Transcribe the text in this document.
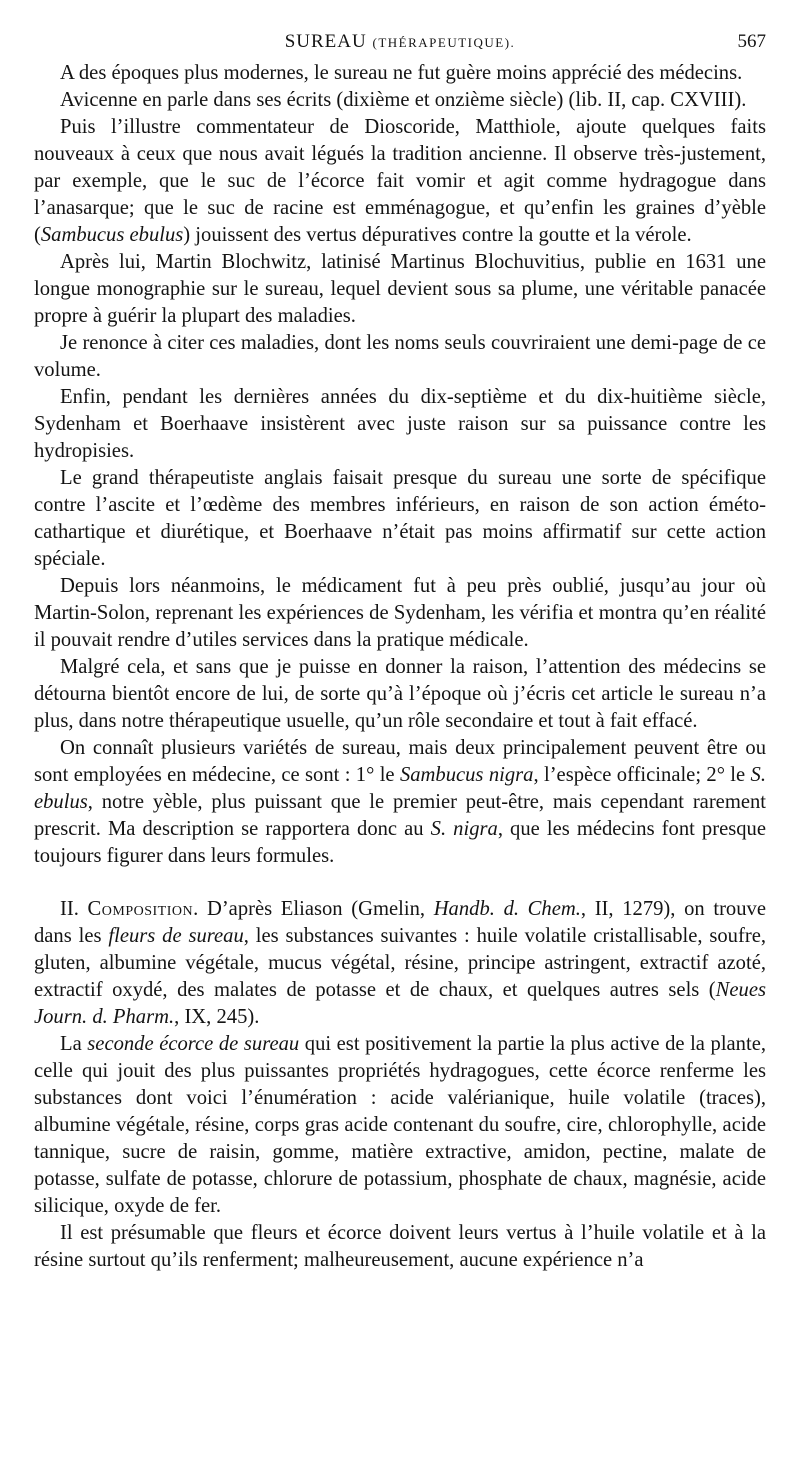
SUREAU (THÉRAPEUTIQUE).	567

A des époques plus modernes, le sureau ne fut guère moins apprécié des médecins.

Avicenne en parle dans ses écrits (dixième et onzième siècle) (lib. II, cap. CXVIII).

Puis l’illustre commentateur de Dioscoride, Matthiole, ajoute quelques faits nouveaux à ceux que nous avait légués la tradition ancienne. Il observe très-justement, par exemple, que le suc de l’écorce fait vomir et agit comme hydragogue dans l’anasarque; que le suc de racine est emménagogue, et qu’enfin les graines d’yèble (Sambucus ebulus) jouissent des vertus dépuratives contre la goutte et la vérole.

Après lui, Martin Blochwitz, latinisé Martinus Blochuvitius, publie en 1631 une longue monographie sur le sureau, lequel devient sous sa plume, une véritable panacée propre à guérir la plupart des maladies.

Je renonce à citer ces maladies, dont les noms seuls couvriraient une demi-page de ce volume.

Enfin, pendant les dernières années du dix-septième et du dix-huitième siècle, Sydenham et Boerhaave insistèrent avec juste raison sur sa puissance contre les hydropisies.

Le grand thérapeutiste anglais faisait presque du sureau une sorte de spécifique contre l’ascite et l’œdème des membres inférieurs, en raison de son action éméto-cathartique et diurétique, et Boerhaave n’était pas moins affirmatif sur cette action spéciale.

Depuis lors néanmoins, le médicament fut à peu près oublié, jusqu’au jour où Martin-Solon, reprenant les expériences de Sydenham, les vérifia et montra qu’en réalité il pouvait rendre d’utiles services dans la pratique médicale.

Malgré cela, et sans que je puisse en donner la raison, l’attention des médecins se détourna bientôt encore de lui, de sorte qu’à l’époque où j’écris cet article le sureau n’a plus, dans notre thérapeutique usuelle, qu’un rôle secondaire et tout à fait effacé.

On connaît plusieurs variétés de sureau, mais deux principalement peuvent être ou sont employées en médecine, ce sont : 1° le Sambucus nigra, l’espèce officinale; 2° le S. ebulus, notre yèble, plus puissant que le premier peut-être, mais cependant rarement prescrit. Ma description se rapportera donc au S. nigra, que les médecins font presque toujours figurer dans leurs formules.

II. Composition. D’après Eliason (Gmelin, Handb. d. Chem., II, 1279), on trouve dans les fleurs de sureau, les substances suivantes : huile volatile cristallisable, soufre, gluten, albumine végétale, mucus végétal, résine, principe astringent, extractif azoté, extractif oxydé, des malates de potasse et de chaux, et quelques autres sels (Neues Journ. d. Pharm., IX, 245).

La seconde écorce de sureau qui est positivement la partie la plus active de la plante, celle qui jouit des plus puissantes propriétés hydragogues, cette écorce renferme les substances dont voici l’énumération : acide valérianique, huile volatile (traces), albumine végétale, résine, corps gras acide contenant du soufre, cire, chlorophylle, acide tannique, sucre de raisin, gomme, matière extractive, amidon, pectine, malate de potasse, sulfate de potasse, chlorure de potassium, phosphate de chaux, magnésie, acide silicique, oxyde de fer.

Il est présumable que fleurs et écorce doivent leurs vertus à l’huile volatile et à la résine surtout qu’ils renferment; malheureusement, aucune expérience n’a
